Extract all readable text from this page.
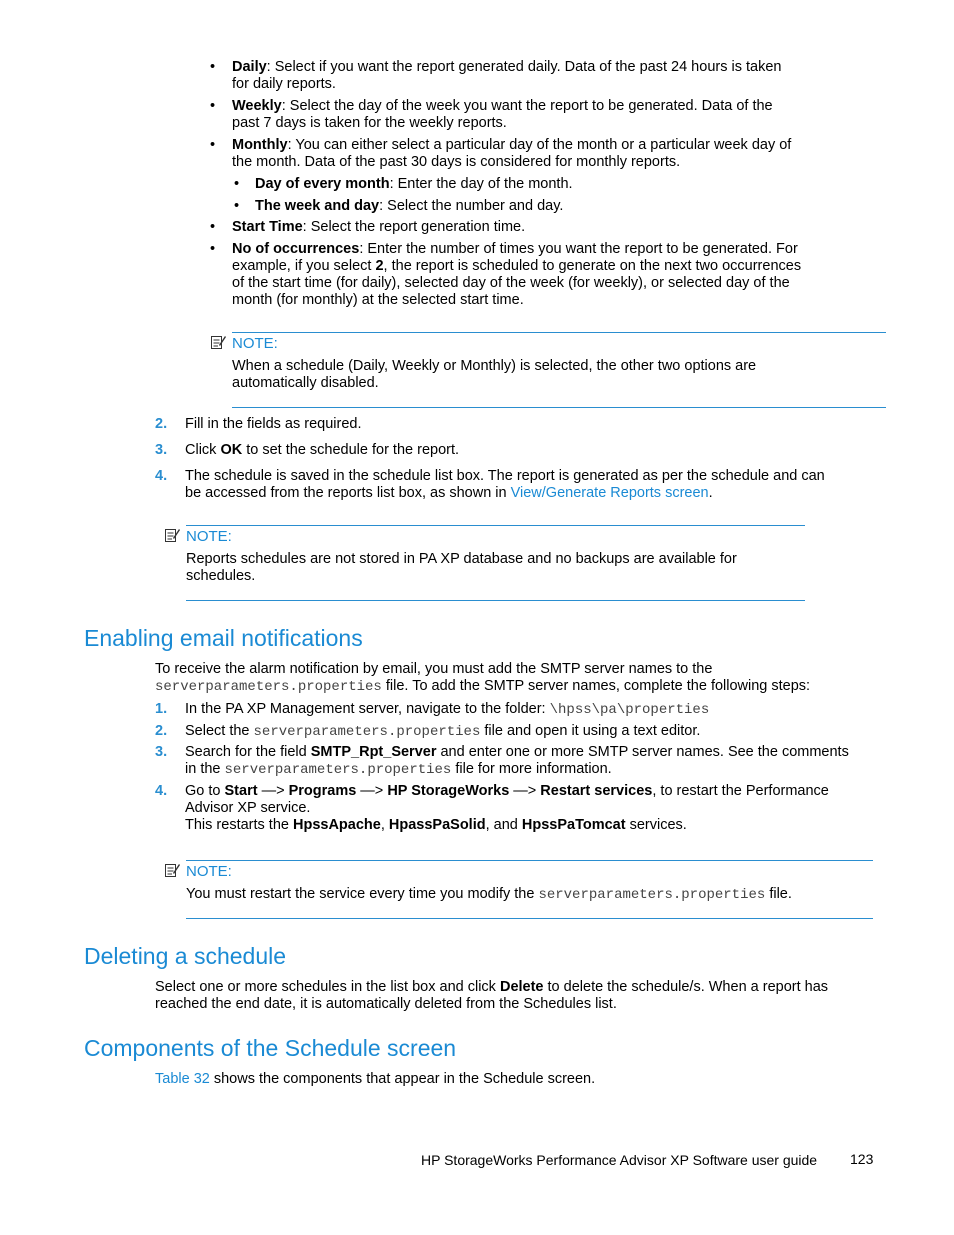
• Daily: Select if you want the report generated daily. Data of the past 24 hours is taken
for daily reports.
• Weekly: Select the day of the week you want the report to be generated. Data of the
past 7 days is taken for the weekly reports.
• Monthly: You can either select a particular day of the month or a particular week day of
the month. Data of the past 30 days is considered for monthly reports.
• Day of every month: Enter the day of the month.
• The week and day: Select the number and day.
• Start Time: Select the report generation time.
• No of occurrences: Enter the number of times you want the report to be generated. For
example, if you select 2, the report is scheduled to generate on the next two occurrences
of the start time (for daily), selected day of the week (for weekly), or selected day of the
month (for monthly) at the selected start time.
NOTE:
When a schedule (Daily, Weekly or Monthly) is selected, the other two options are
automatically disabled.
2. Fill in the fields as required.
3. Click OK to set the schedule for the report.
4. The schedule is saved in the schedule list box. The report is generated as per the schedule and can
be accessed from the reports list box, as shown in View/Generate Reports screen.
NOTE:
Reports schedules are not stored in PA XP database and no backups are available for
schedules.
Enabling email notifications
To receive the alarm notification by email, you must add the SMTP server names to the
serverparameters.properties file. To add the SMTP server names, complete the following steps:
1. In the PA XP Management server, navigate to the folder: \hpss\pa\properties
2. Select the serverparameters.properties file and open it using a text editor.
3. Search for the field SMTP_Rpt_Server and enter one or more SMTP server names. See the comments
in the serverparameters.properties file for more information.
4. Go to Start —> Programs —> HP StorageWorks —> Restart services, to restart the Performance
Advisor XP service.
This restarts the HpssApache, HpassPaSolid, and HpssPaTomcat services.
NOTE:
You must restart the service every time you modify the serverparameters.properties file.
Deleting a schedule
Select one or more schedules in the list box and click Delete to delete the schedule/s. When a report has
reached the end date, it is automatically deleted from the Schedules list.
Components of the Schedule screen
Table 32 shows the components that appear in the Schedule screen.
HP StorageWorks Performance Advisor XP Software user guide 123
